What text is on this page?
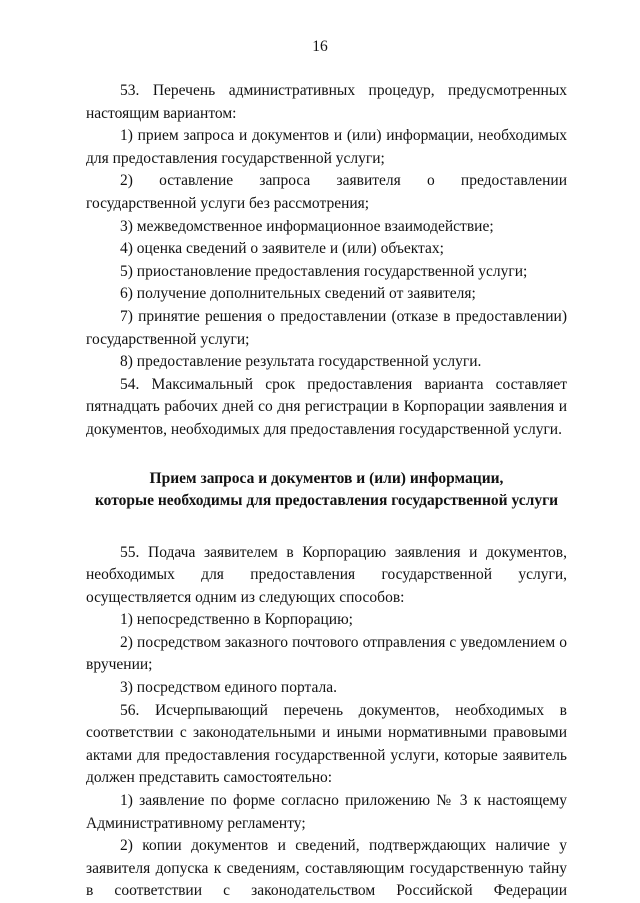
16

53. Перечень административных процедур, предусмотренных настоящим вариантом:

1) прием запроса и документов и (или) информации, необходимых для предоставления государственной услуги;

2) оставление запроса заявителя о предоставлении государственной услуги без рассмотрения;

3) межведомственное информационное взаимодействие;

4) оценка сведений о заявителе и (или) объектах;

5) приостановление предоставления государственной услуги;

6) получение дополнительных сведений от заявителя;

7) принятие решения о предоставлении (отказе в предоставлении) государственной услуги;

8) предоставление результата государственной услуги.

54. Максимальный срок предоставления варианта составляет пятнадцать рабочих дней со дня регистрации в Корпорации заявления и документов, необходимых для предоставления государственной услуги.

Прием запроса и документов и (или) информации,
которые необходимы для предоставления государственной услуги

55. Подача заявителем в Корпорацию заявления и документов, необходимых для предоставления государственной услуги, осуществляется одним из следующих способов:

1) непосредственно в Корпорацию;

2) посредством заказного почтового отправления с уведомлением о вручении;

3) посредством единого портала.

56. Исчерпывающий перечень документов, необходимых в соответствии с законодательными и иными нормативными правовыми актами для предоставления государственной услуги, которые заявитель должен представить самостоятельно:

1) заявление по форме согласно приложению № 3 к настоящему Административному регламенту;

2) копии документов и сведений, подтверждающих наличие у заявителя допуска к сведениям, составляющим государственную тайну в соответствии с законодательством Российской Федерации
